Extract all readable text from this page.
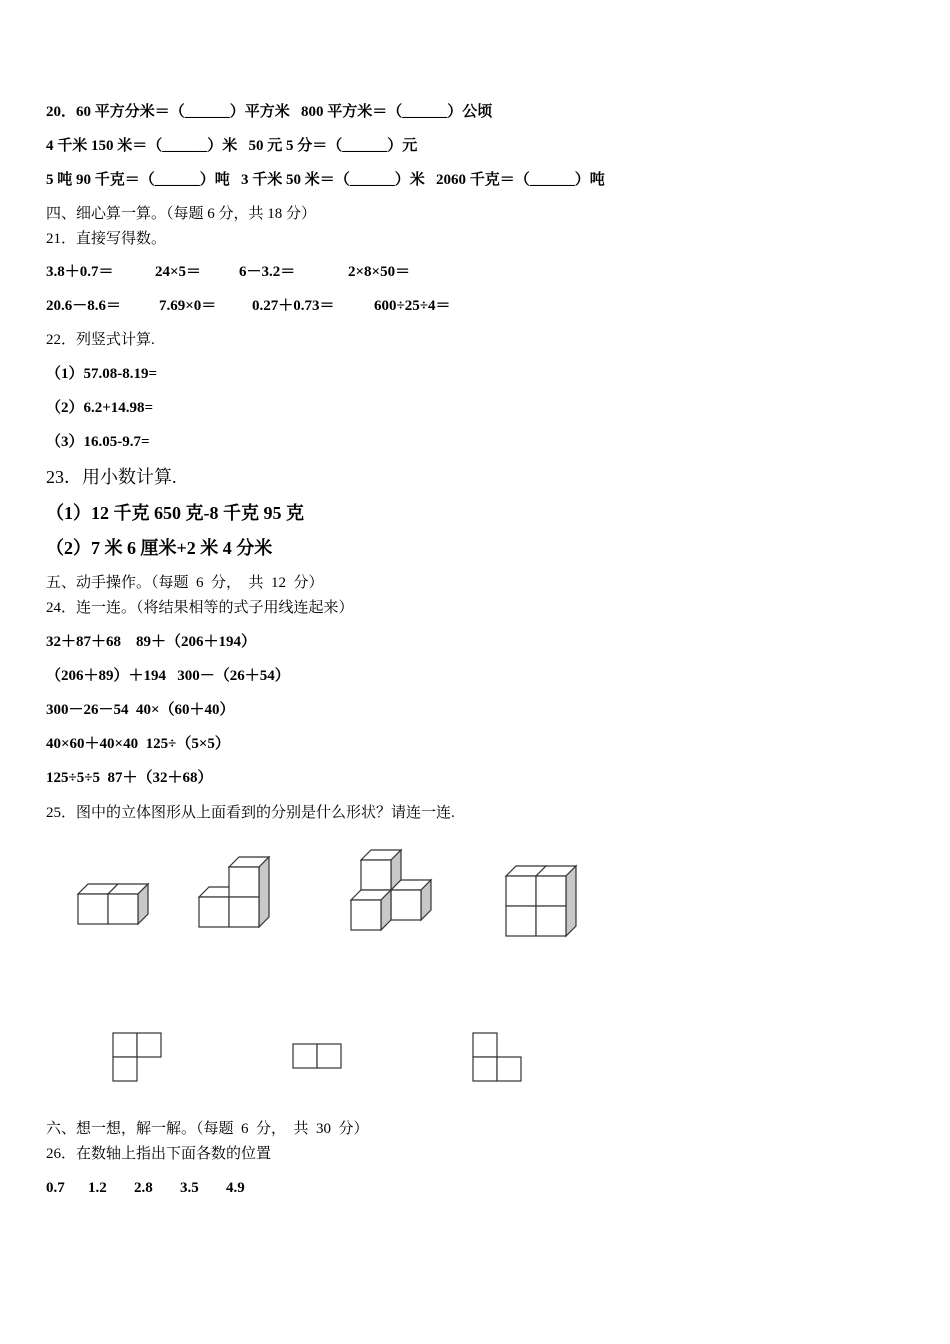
20．60 平方分米＝（______）平方米   800 平方米＝（______）公顷
4 千米 150 米＝（______）米   50 元 5 分＝（______）元
5 吨 90 千克＝（______）吨   3 千米 50 米＝（______）米   2060 千克＝（______）吨
四、细心算一算。（每题 6 分，共 18 分）
21．直接写得数。
3.8＋0.7＝	24×5＝	6－3.2＝	2×8×50＝
20.6－8.6＝	7.69×0＝ 0.27＋0.73＝	600÷25÷4＝
22．列竖式计算.
（1）57.08-8.19=
（2）6.2+14.98=
（3）16.05-9.7=
23．用小数计算.
（1）12 千克 650 克-8 千克 95 克
（2）7 米 6 厘米+2 米 4 分米
五、动手操作。（每题  6  分，  共  12  分）
24．连一连。（将结果相等的式子用线连起来）
32＋87＋68    89＋（206＋194）
（206＋89）＋194   300－（26＋54）
300－26－54  40×（60＋40）
40×60＋40×40  125÷（5×5）
125÷5÷5  87＋（32＋68）
25．图中的立体图形从上面看到的分别是什么形状？请连一连.
六、想一想，解一解。（每题  6  分，  共  30  分）
26．在数轴上指出下面各数的位置
0.7 1.2 2.8 3.5 4.9
